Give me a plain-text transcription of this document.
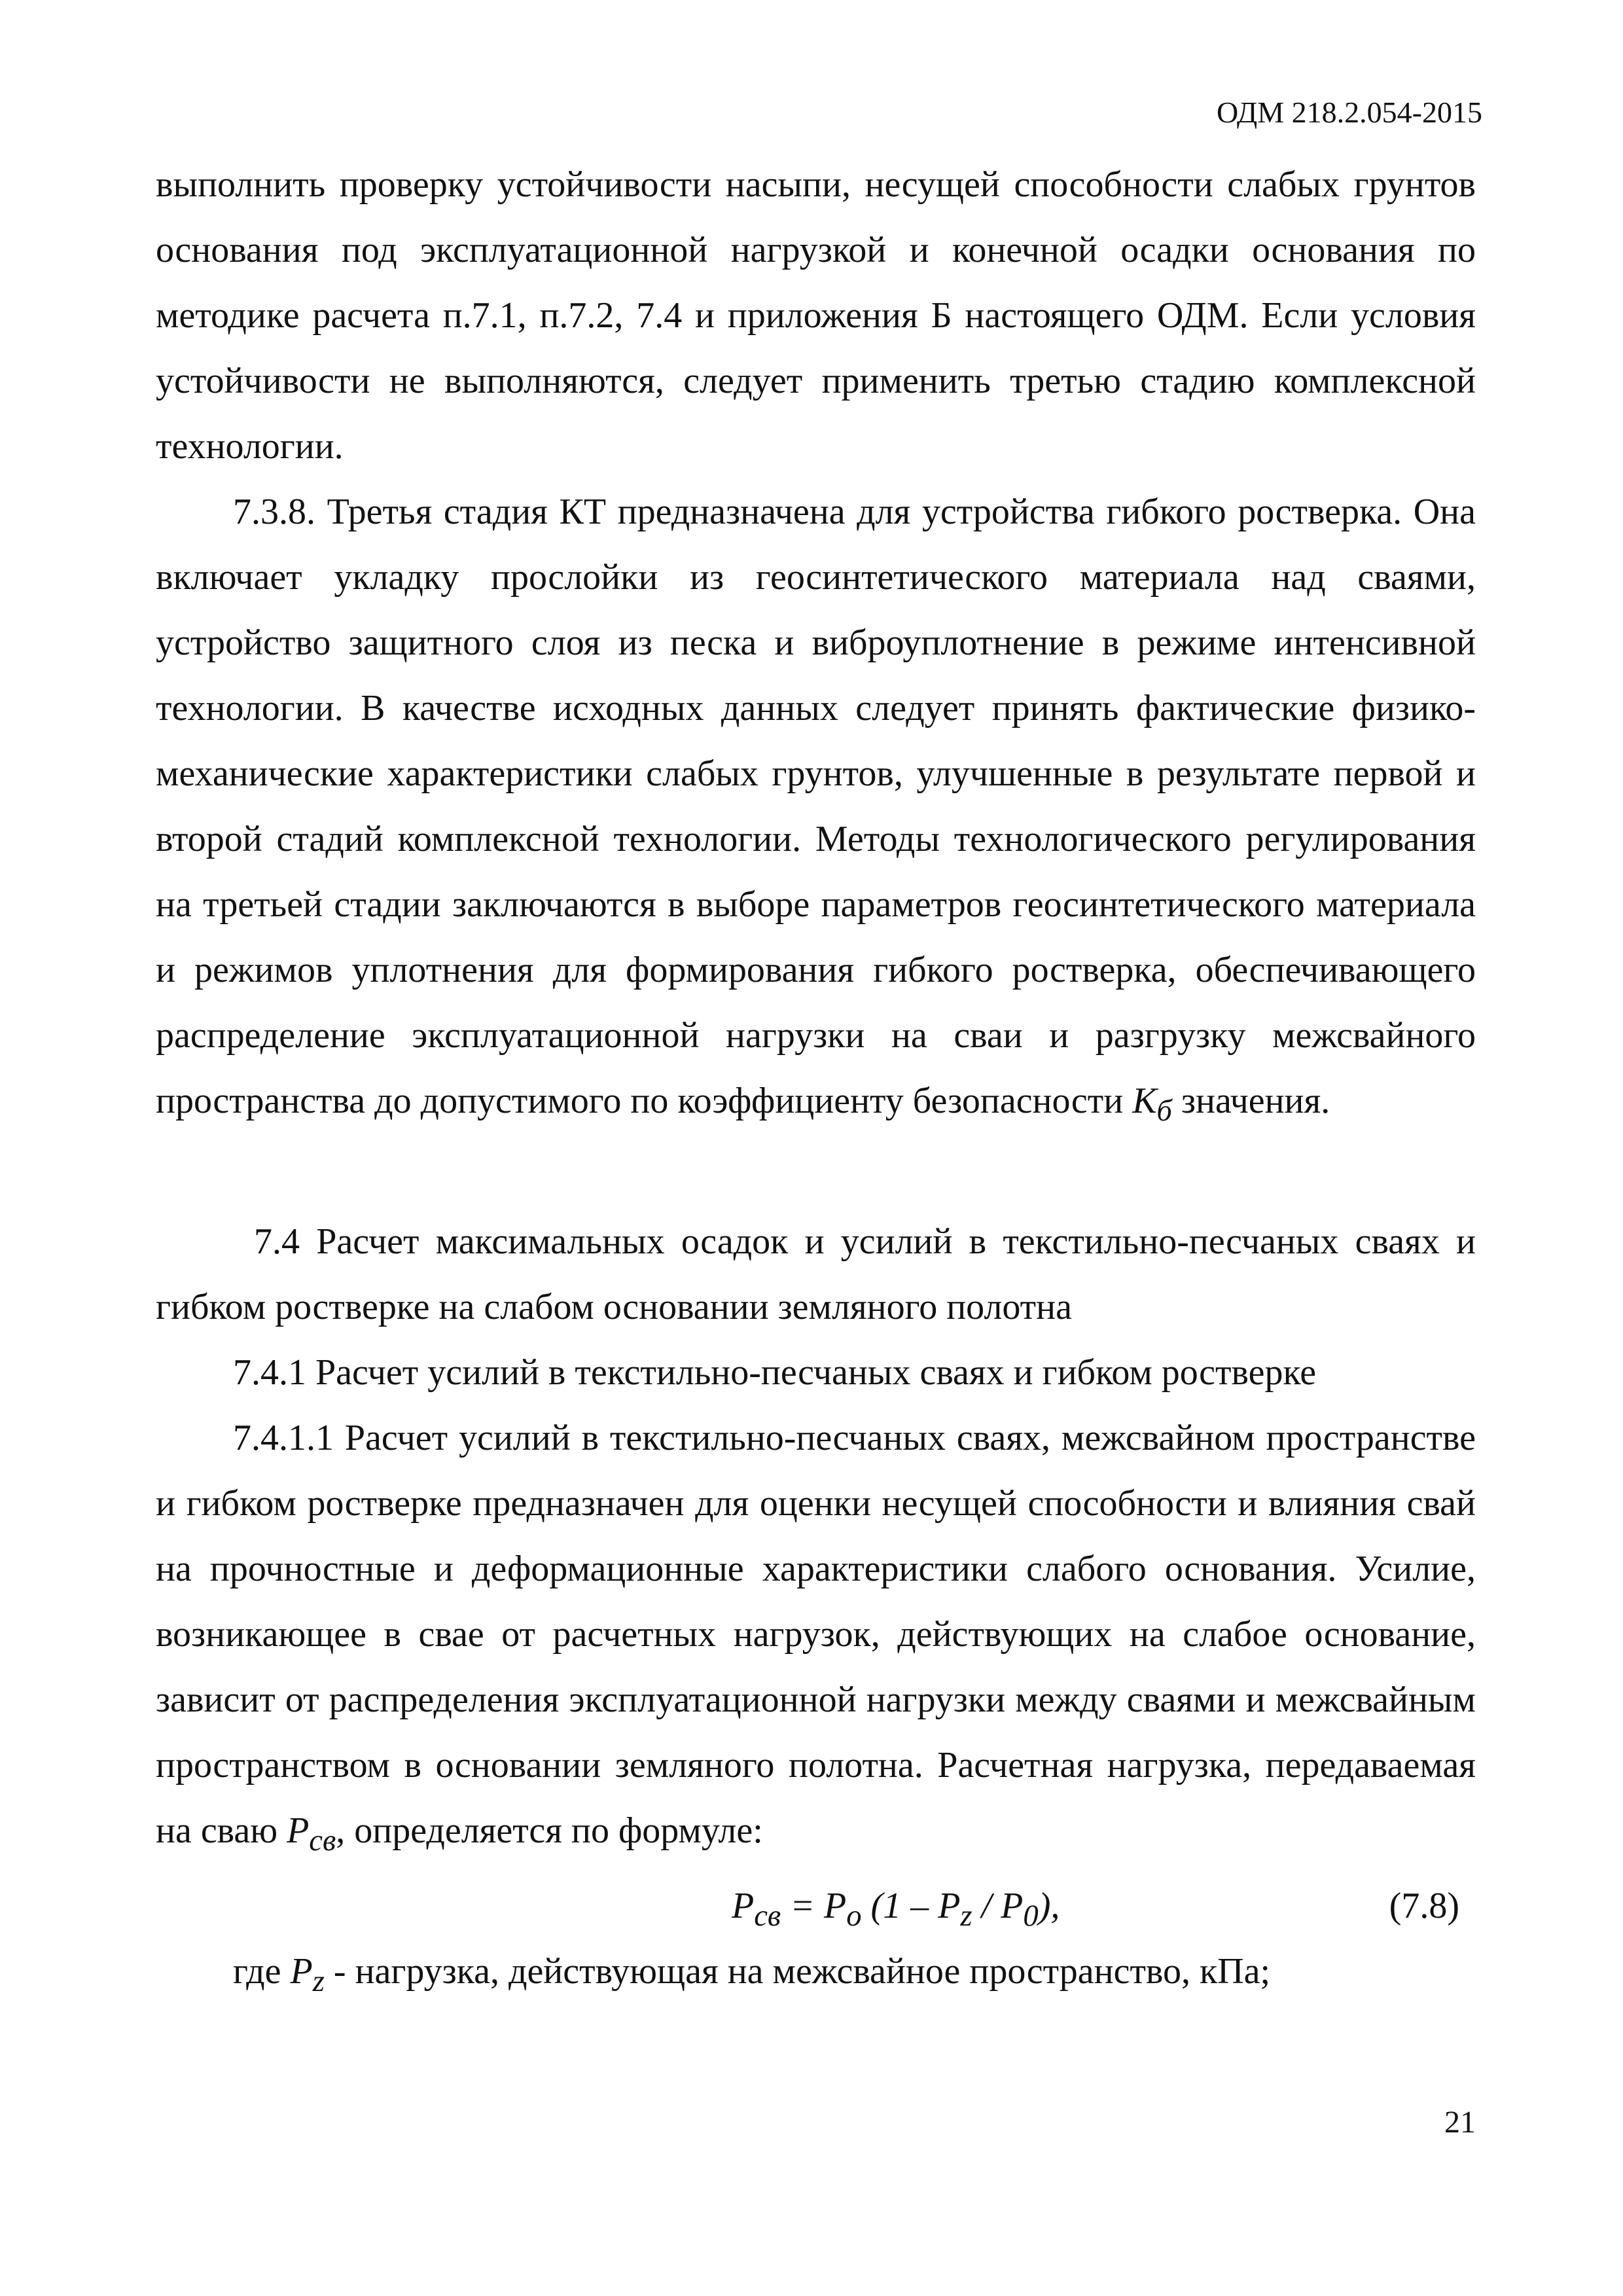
ОДМ 218.2.054-2015

выполнить проверку устойчивости насыпи, несущей способности слабых грунтов основания под эксплуатационной нагрузкой и конечной осадки основания по методике расчета п.7.1, п.7.2, 7.4 и приложения Б настоящего ОДМ. Если условия устойчивости не выполняются, следует применить третью стадию комплексной технологии.

7.3.8. Третья стадия КТ предназначена для устройства гибкого ростверка. Она включает укладку прослойки из геосинтетического материала над сваями, устройство защитного слоя из песка и виброуплотнение в режиме интенсивной технологии. В качестве исходных данных следует принять фактические физико-механические характеристики слабых грунтов, улучшенные в результате первой и второй стадий комплексной технологии. Методы технологического регулирования на третьей стадии заключаются в выборе параметров геосинтетического материала и режимов уплотнения для формирования гибкого ростверка, обеспечивающего распределение эксплуатационной нагрузки на сваи и разгрузку межсвайного пространства до допустимого по коэффициенту безопасности $К_б$ значения.

7.4 Расчет максимальных осадок и усилий в текстильно-песчаных сваях и гибком ростверке на слабом основании земляного полотна

7.4.1 Расчет усилий в текстильно-песчаных сваях и гибком ростверке

7.4.1.1 Расчет усилий в текстильно-песчаных сваях, межсвайном пространстве и гибком ростверке предназначен для оценки несущей способности и влияния свай на прочностные и деформационные характеристики слабого основания. Усилие, возникающее в свае от расчетных нагрузок, действующих на слабое основание, зависит от распределения эксплуатационной нагрузки между сваями и межсвайным пространством в основании земляного полотна. Расчетная нагрузка, передаваемая на сваю $P_{св}$, определяется по формуле:

$P_{св} = P_о$ $(1 - P_z / P_0)$,	(7.8)

где $P_z$ - нагрузка, действующая на межсвайное пространство, кПа;

21
